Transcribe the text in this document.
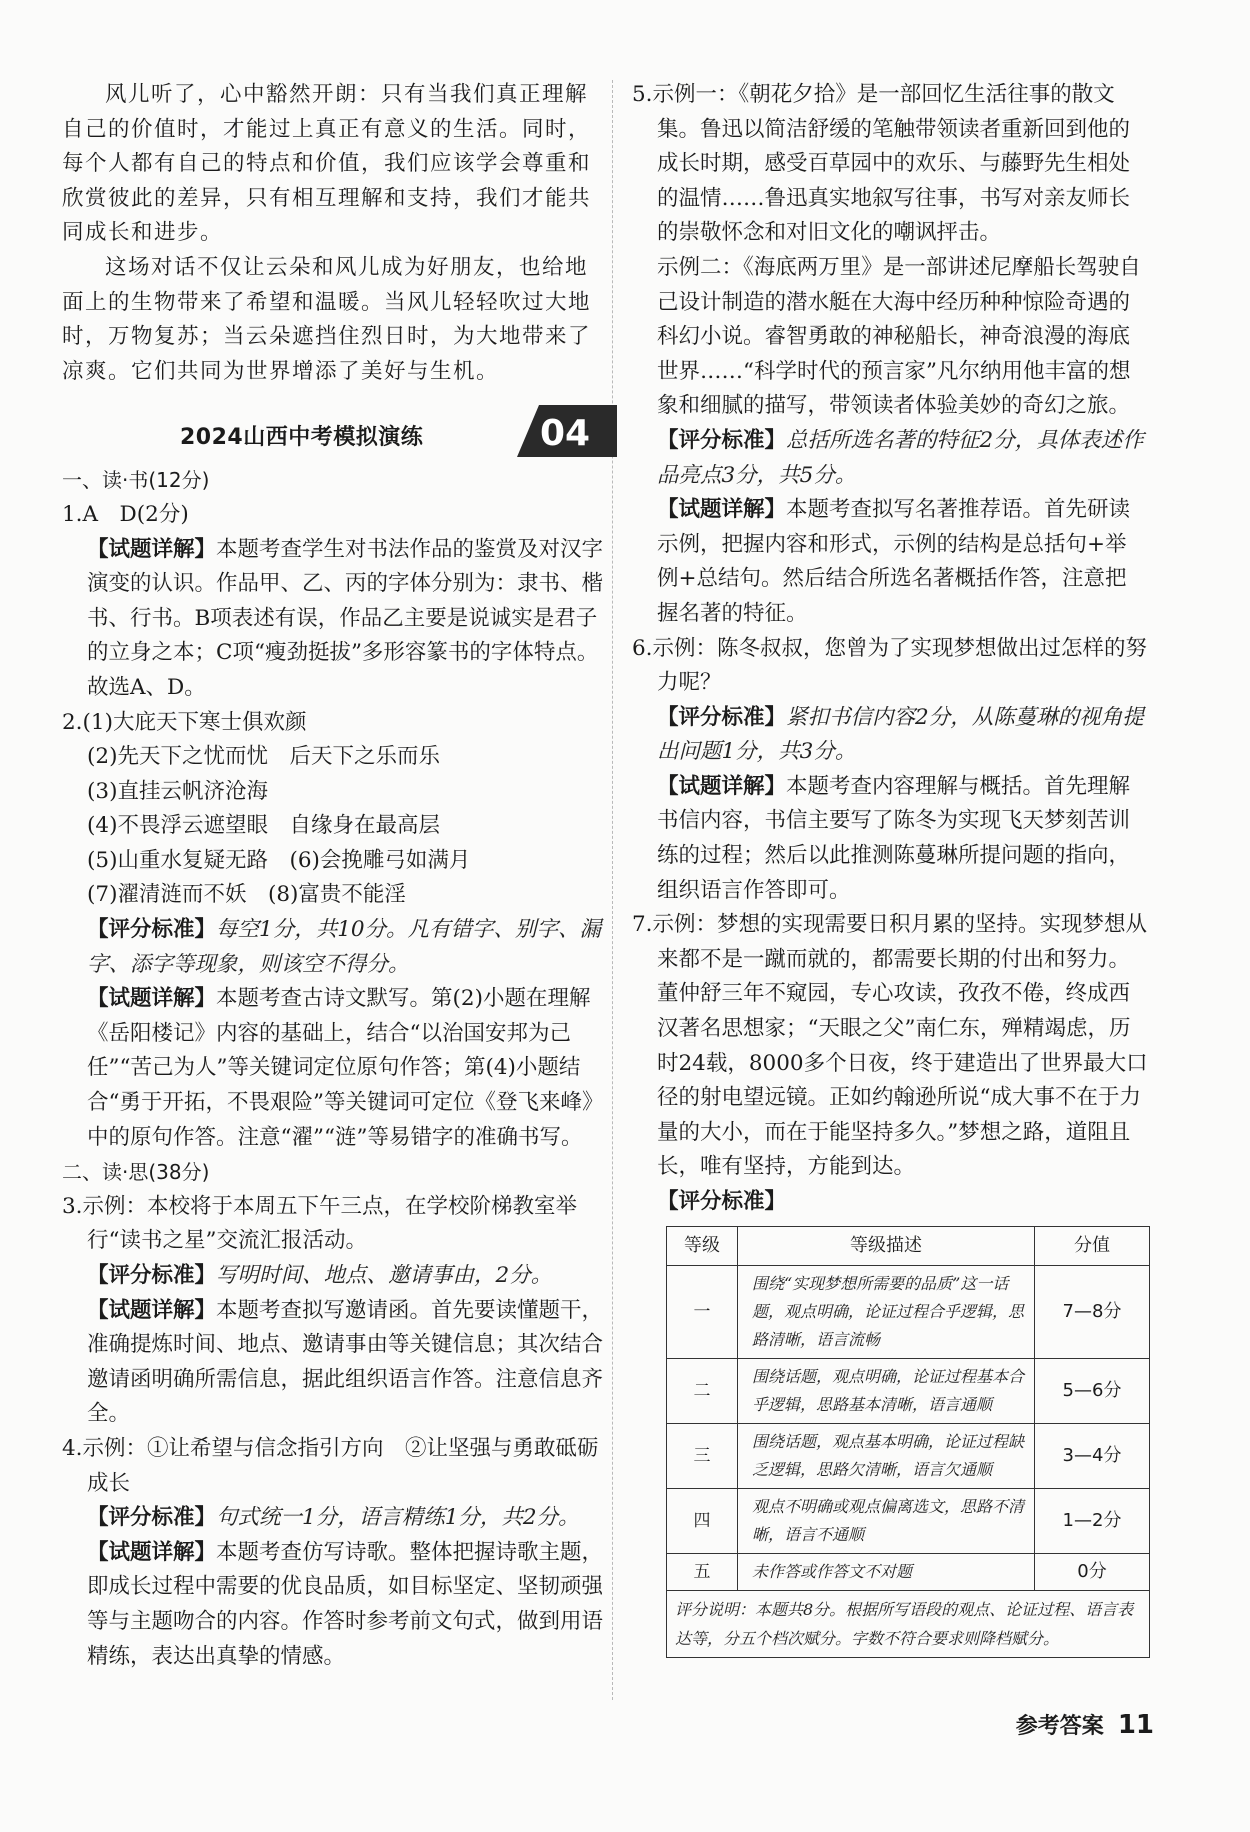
风儿听了，心中豁然开朗：只有当我们真正理解自己的价值时，才能过上真正有意义的生活。同时，每个人都有自己的特点和价值，我们应该学会尊重和欣赏彼此的差异，只有相互理解和支持，我们才能共同成长和进步。

这场对话不仅让云朵和风儿成为好朋友，也给地面上的生物带来了希望和温暖。当风儿轻轻吹过大地时，万物复苏；当云朵遮挡住烈日时，为大地带来了凉爽。它们共同为世界增添了美好与生机。

2024山西中考模拟演练	04

一、读·书(12分)

1.A　D(2分)

【试题详解】本题考查学生对书法作品的鉴赏及对汉字演变的认识。作品甲、乙、丙的字体分别为：隶书、楷书、行书。B项表述有误，作品乙主要是说诚实是君子的立身之本；C项“瘦劲挺拔”多形容篆书的字体特点。故选A、D。

2.(1)大庇天下寒士俱欢颜

(2)先天下之忧而忧　后天下之乐而乐

(3)直挂云帆济沧海

(4)不畏浮云遮望眼　自缘身在最高层

(5)山重水复疑无路　(6)会挽雕弓如满月

(7)濯清涟而不妖　(8)富贵不能淫

【评分标准】每空1分，共10分。凡有错字、别字、漏字、添字等现象，则该空不得分。

【试题详解】本题考查古诗文默写。第(2)小题在理解《岳阳楼记》内容的基础上，结合“以治国安邦为己任”“苦己为人”等关键词定位原句作答；第(4)小题结合“勇于开拓，不畏艰险”等关键词可定位《登飞来峰》中的原句作答。注意“濯”“涟”等易错字的准确书写。

二、读·思(38分)

3.示例：本校将于本周五下午三点，在学校阶梯教室举行“读书之星”交流汇报活动。

【评分标准】写明时间、地点、邀请事由，2分。

【试题详解】本题考查拟写邀请函。首先要读懂题干，准确提炼时间、地点、邀请事由等关键信息；其次结合邀请函明确所需信息，据此组织语言作答。注意信息齐全。

4.示例：①让希望与信念指引方向　②让坚强与勇敢砥砺成长

【评分标准】句式统一1分，语言精练1分，共2分。

【试题详解】本题考查仿写诗歌。整体把握诗歌主题，即成长过程中需要的优良品质，如目标坚定、坚韧顽强等与主题吻合的内容。作答时参考前文句式，做到用语精练，表达出真挚的情感。

5.示例一：《朝花夕拾》是一部回忆生活往事的散文集。鲁迅以简洁舒缓的笔触带领读者重新回到他的成长时期，感受百草园中的欢乐、与藤野先生相处的温情……鲁迅真实地叙写往事，书写对亲友师长的崇敬怀念和对旧文化的嘲讽抨击。

示例二：《海底两万里》是一部讲述尼摩船长驾驶自己设计制造的潜水艇在大海中经历种种惊险奇遇的科幻小说。睿智勇敢的神秘船长，神奇浪漫的海底世界……“科学时代的预言家”凡尔纳用他丰富的想象和细腻的描写，带领读者体验美妙的奇幻之旅。

【评分标准】总括所选名著的特征2分，具体表述作品亮点3分，共5分。

【试题详解】本题考查拟写名著推荐语。首先研读示例，把握内容和形式，示例的结构是总括句+举例+总结句。然后结合所选名著概括作答，注意把握名著的特征。

6.示例：陈冬叔叔，您曾为了实现梦想做出过怎样的努力呢？

【评分标准】紧扣书信内容2分，从陈蔓琳的视角提出问题1分，共3分。

【试题详解】本题考查内容理解与概括。首先理解书信内容，书信主要写了陈冬为实现飞天梦刻苦训练的过程；然后以此推测陈蔓琳所提问题的指向，组织语言作答即可。

7.示例：梦想的实现需要日积月累的坚持。实现梦想从来都不是一蹴而就的，都需要长期的付出和努力。董仲舒三年不窥园，专心攻读，孜孜不倦，终成西汉著名思想家；“天眼之父”南仁东，殚精竭虑，历时24载，8000多个日夜，终于建造出了世界最大口径的射电望远镜。正如约翰逊所说“成大事不在于力量的大小，而在于能坚持多久。”梦想之路，道阻且长，唯有坚持，方能到达。

【评分标准】

等级	等级描述	分值
一	围绕“实现梦想所需要的品质”这一话题，观点明确，论证过程合乎逻辑，思路清晰，语言流畅	7—8分
二	围绕话题，观点明确，论证过程基本合乎逻辑，思路基本清晰，语言通顺	5—6分
三	围绕话题，观点基本明确，论证过程缺乏逻辑，思路欠清晰，语言欠通顺	3—4分
四	观点不明确或观点偏离选文，思路不清晰，语言不通顺	1—2分
五	未作答或作答文不对题	0分
评分说明：本题共8分。根据所写语段的观点、论证过程、语言表达等，分五个档次赋分。字数不符合要求则降档赋分。		
参考答案 11
